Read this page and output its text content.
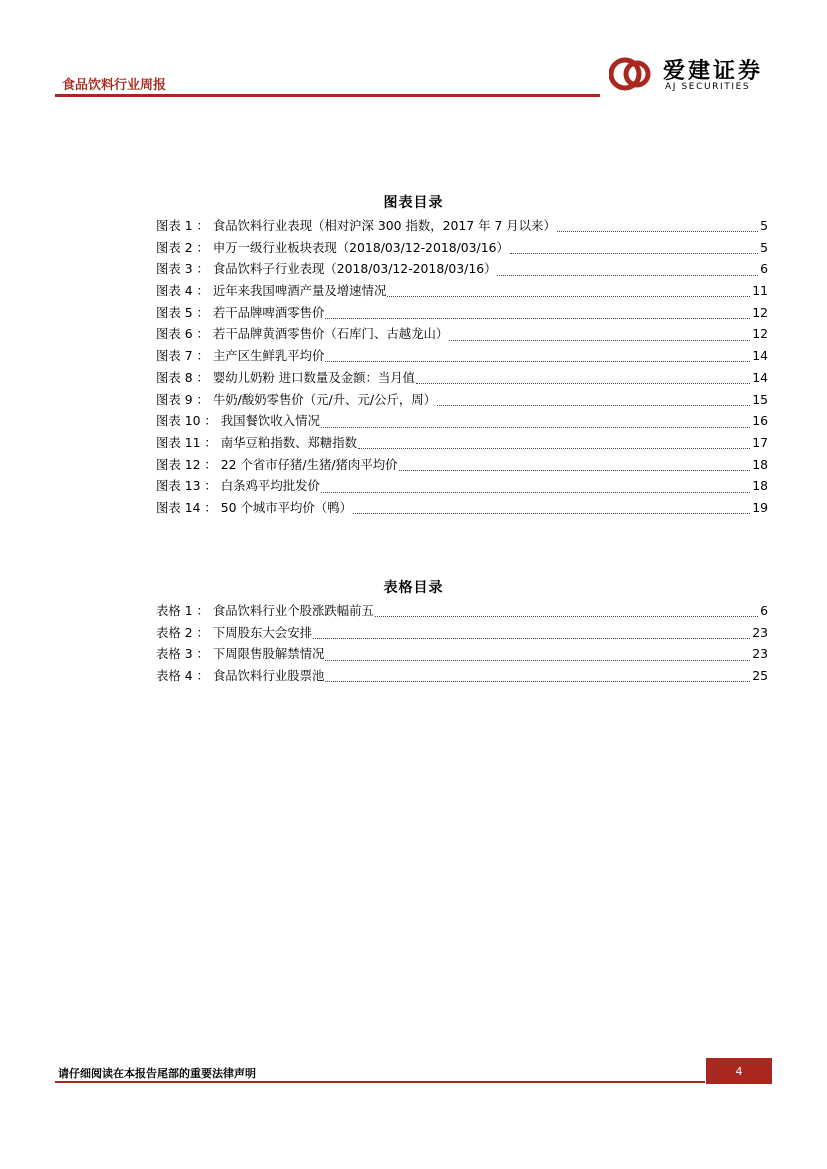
食品饮料行业周报
爱建证券
AJ SECURITIES
图表目录
图表 1 ： 食品饮料行业表现（相对沪深 300 指数，2017 年 7 月以来）	5
图表 2 ： 申万一级行业板块表现（2018/03/12-2018/03/16）	5
图表 3 ： 食品饮料子行业表现（2018/03/12-2018/03/16）	6
图表 4 ： 近年来我国啤酒产量及增速情况	11
图表 5 ： 若干品牌啤酒零售价	12
图表 6 ： 若干品牌黄酒零售价（石库门、古越龙山）	12
图表 7 ： 主产区生鲜乳平均价	14
图表 8 ： 婴幼儿奶粉 进口数量及金额：当月值	14
图表 9 ： 牛奶/酸奶零售价（元/升、元/公斤，周）	15
图表 10 ： 我国餐饮收入情况	16
图表 11 ： 南华豆粕指数、郑糖指数	17
图表 12 ： 22 个省市仔猪/生猪/猪肉平均价	18
图表 13 ： 白条鸡平均批发价	18
图表 14 ： 50 个城市平均价（鸭）	19
表格目录
表格 1 ： 食品饮料行业个股涨跌幅前五	6
表格 2 ： 下周股东大会安排	23
表格 3 ： 下周限售股解禁情况	23
表格 4 ： 食品饮料行业股票池	25
请仔细阅读在本报告尾部的重要法律声明	4
